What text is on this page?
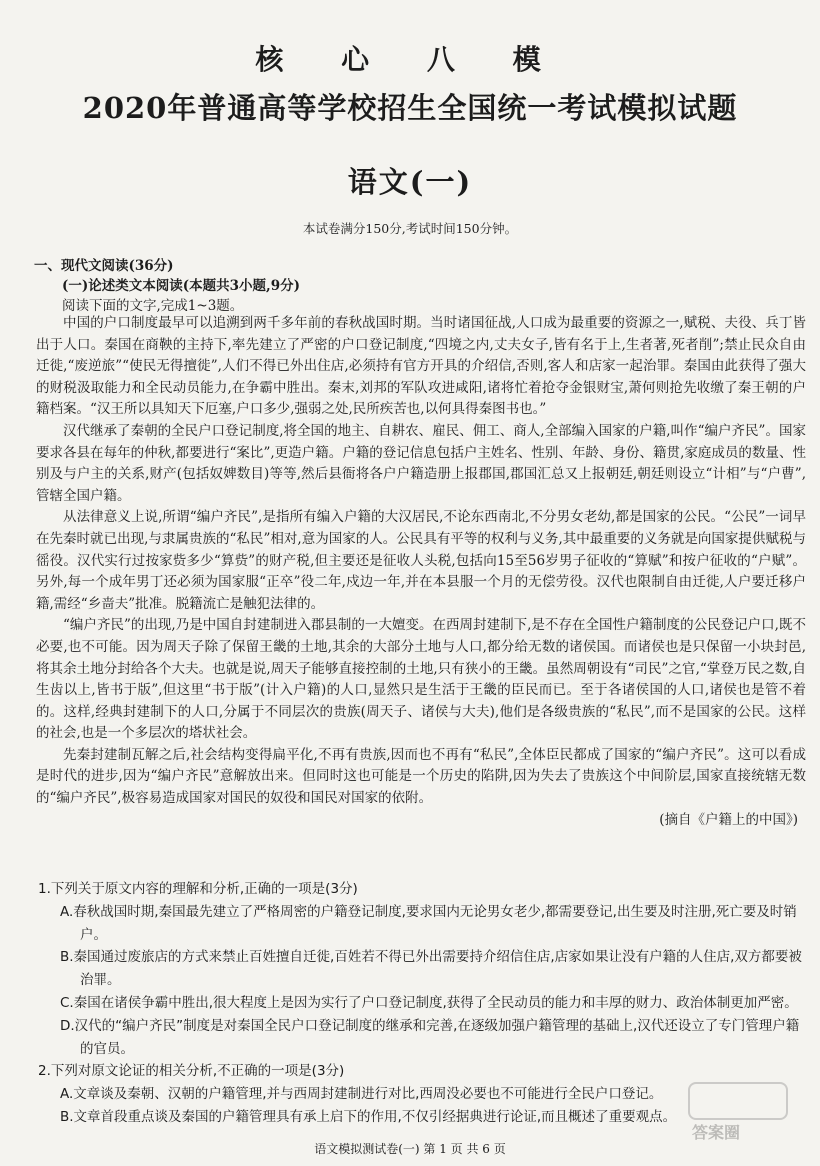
核 心 八 模
2020年普通高等学校招生全国统一考试模拟试题
语文(一)
本试卷满分150分,考试时间150分钟。
一、现代文阅读(36分)
(一)论述类文本阅读(本题共3小题,9分)
阅读下面的文字,完成1~3题。

中国的户口制度最早可以追溯到两千多年前的春秋战国时期。当时诸国征战,人口成为最重要的资源之一,赋税、夫役、兵丁皆出于人口。秦国在商鞅的主持下,率先建立了严密的户口登记制度,“四境之内,丈夫女子,皆有名于上,生者著,死者削”;禁止民众自由迁徙,“废逆旅”“使民无得擅徙”,人们不得已外出住店,必须持有官方开具的介绍信,否则,客人和店家一起治罪。秦国由此获得了强大的财税汲取能力和全民动员能力,在争霸中胜出。秦末,刘邦的军队攻进咸阳,诸将忙着抢夺金银财宝,萧何则抢先收缴了秦王朝的户籍档案。“汉王所以具知天下厄塞,户口多少,强弱之处,民所疾苦也,以何具得秦图书也。”

汉代继承了秦朝的全民户口登记制度,将全国的地主、自耕农、雇民、佣工、商人,全部编入国家的户籍,叫作“编户齐民”。国家要求各县在每年的仲秋,都要进行“案比”,更造户籍。户籍的登记信息包括户主姓名、性别、年龄、身份、籍贯,家庭成员的数量、性别及与户主的关系,财产(包括奴婢数目)等等,然后县衙将各户户籍造册上报郡国,郡国汇总又上报朝廷,朝廷则设立“计相”与“户曹”,管辖全国户籍。

从法律意义上说,所谓“编户齐民”,是指所有编入户籍的大汉居民,不论东西南北,不分男女老幼,都是国家的公民。“公民”一词早在先秦时就已出现,与隶属贵族的“私民”相对,意为国家的人。公民具有平等的权利与义务,其中最重要的义务就是向国家提供赋税与徭役。汉代实行过按家赀多少“算赀”的财产税,但主要还是征收人头税,包括向15至56岁男子征收的“算赋”和按户征收的“户赋”。另外,每一个成年男丁还必须为国家服“正卒”役二年,戍边一年,并在本县服一个月的无偿劳役。汉代也限制自由迁徙,人户要迁移户籍,需经“乡啬夫”批准。脱籍流亡是触犯法律的。

“编户齐民”的出现,乃是中国自封建制进入郡县制的一大嬗变。在西周封建制下,是不存在全国性户籍制度的公民登记户口,既不必要,也不可能。因为周天子除了保留王畿的土地,其余的大部分土地与人口,都分给无数的诸侯国。而诸侯也是只保留一小块封邑,将其余土地分封给各个大夫。也就是说,周天子能够直接控制的土地,只有狭小的王畿。虽然周朝设有“司民”之官,“掌登万民之数,自生齿以上,皆书于版”,但这里“书于版”(计入户籍)的人口,显然只是生活于王畿的臣民而已。至于各诸侯国的人口,诸侯也是管不着的。这样,经典封建制下的人口,分属于不同层次的贵族(周天子、诸侯与大夫),他们是各级贵族的“私民”,而不是国家的公民。这样的社会,也是一个多层次的塔状社会。

先秦封建制瓦解之后,社会结构变得扁平化,不再有贵族,因而也不再有“私民”,全体臣民都成了国家的“编户齐民”。这可以看成是时代的进步,因为“编户齐民”意解放出来。但同时这也可能是一个历史的陷阱,因为失去了贵族这个中间阶层,国家直接统辖无数的“编户齐民”,极容易造成国家对国民的奴役和国民对国家的依附。

(摘自《户籍上的中国》)

1.下列关于原文内容的理解和分析,正确的一项是(3分)

A.春秋战国时期,秦国最先建立了严格周密的户籍登记制度,要求国内无论男女老少,都需要登记,出生要及时注册,死亡要及时销户。

B.秦国通过废旅店的方式来禁止百姓擅自迁徙,百姓若不得已外出需要持介绍信住店,店家如果让没有户籍的人住店,双方都要被治罪。

C.秦国在诸侯争霸中胜出,很大程度上是因为实行了户口登记制度,获得了全民动员的能力和丰厚的财力、政治体制更加严密。

D.汉代的“编户齐民”制度是对秦国全民户口登记制度的继承和完善,在逐级加强户籍管理的基础上,汉代还设立了专门管理户籍的官员。

2.下列对原文论证的相关分析,不正确的一项是(3分)

A.文章谈及秦朝、汉朝的户籍管理,并与西周封建制进行对比,西周没必要也不可能进行全民户口登记。

B.文章首段重点谈及秦国的户籍管理具有承上启下的作用,不仅引经据典进行论证,而且概述了重要观点。

答案圈
语文模拟测试卷(一) 第 1 页 共 6 页
